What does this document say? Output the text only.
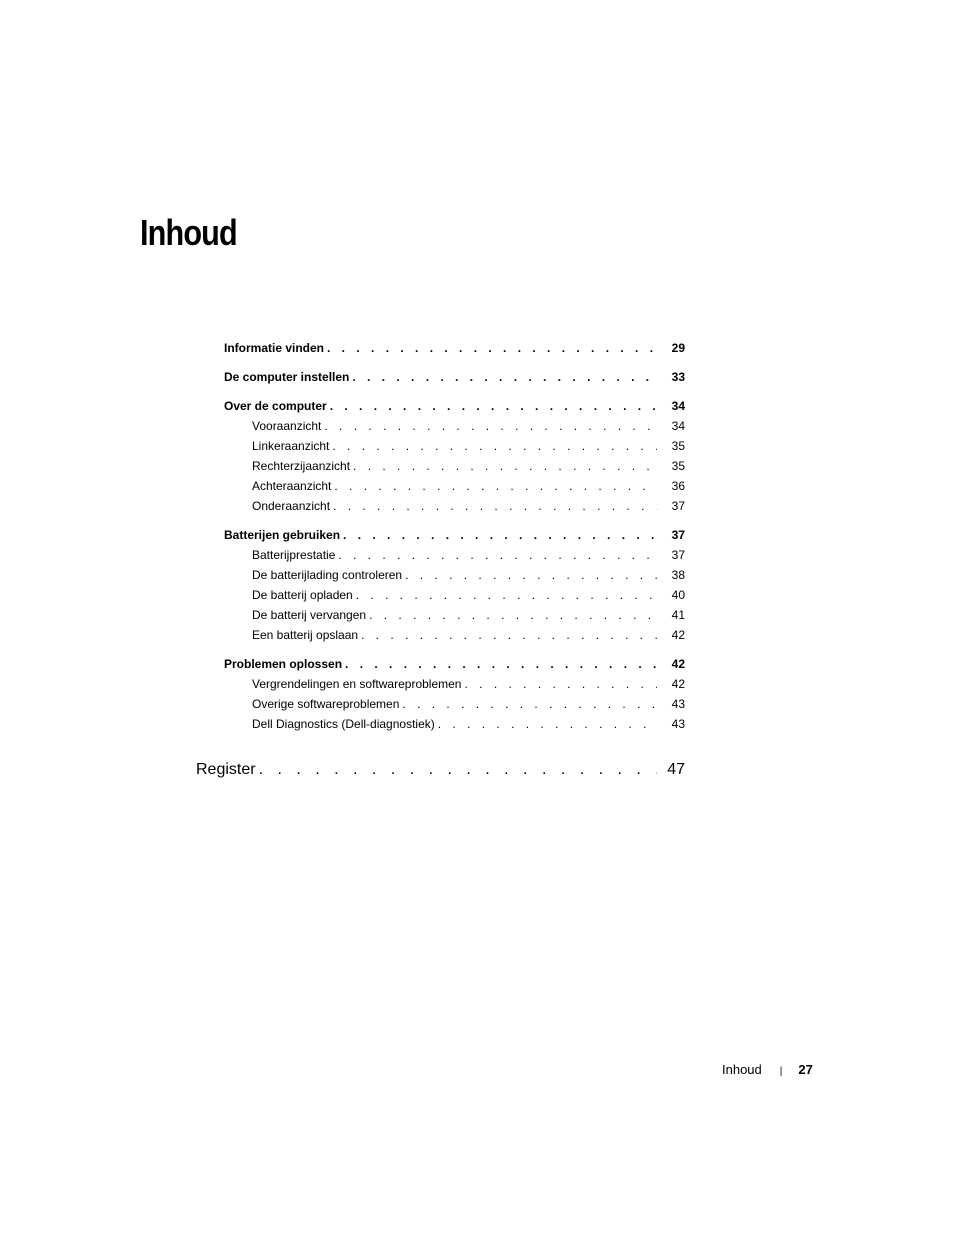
Inhoud
Informatie vinden . . .	29
De computer instellen . . .	33
Over de computer . . .	34
Vooraanzicht . . .	34
Linkeraanzicht . . .	35
Rechterzijaanzicht . . .	35
Achteraanzicht . . .	36
Onderaanzicht . . .	37
Batterijen gebruiken . . .	37
Batterijprestatie . . .	37
De batterijlading controleren . . .	38
De batterij opladen . . .	40
De batterij vervangen . . .	41
Een batterij opslaan . . .	42
Problemen oplossen . . .	42
Vergrendelingen en softwareproblemen . . .	42
Overige softwareproblemen . . .	43
Dell Diagnostics (Dell-diagnostiek) . . .	43
Register . . .	47
Inhoud | 27
